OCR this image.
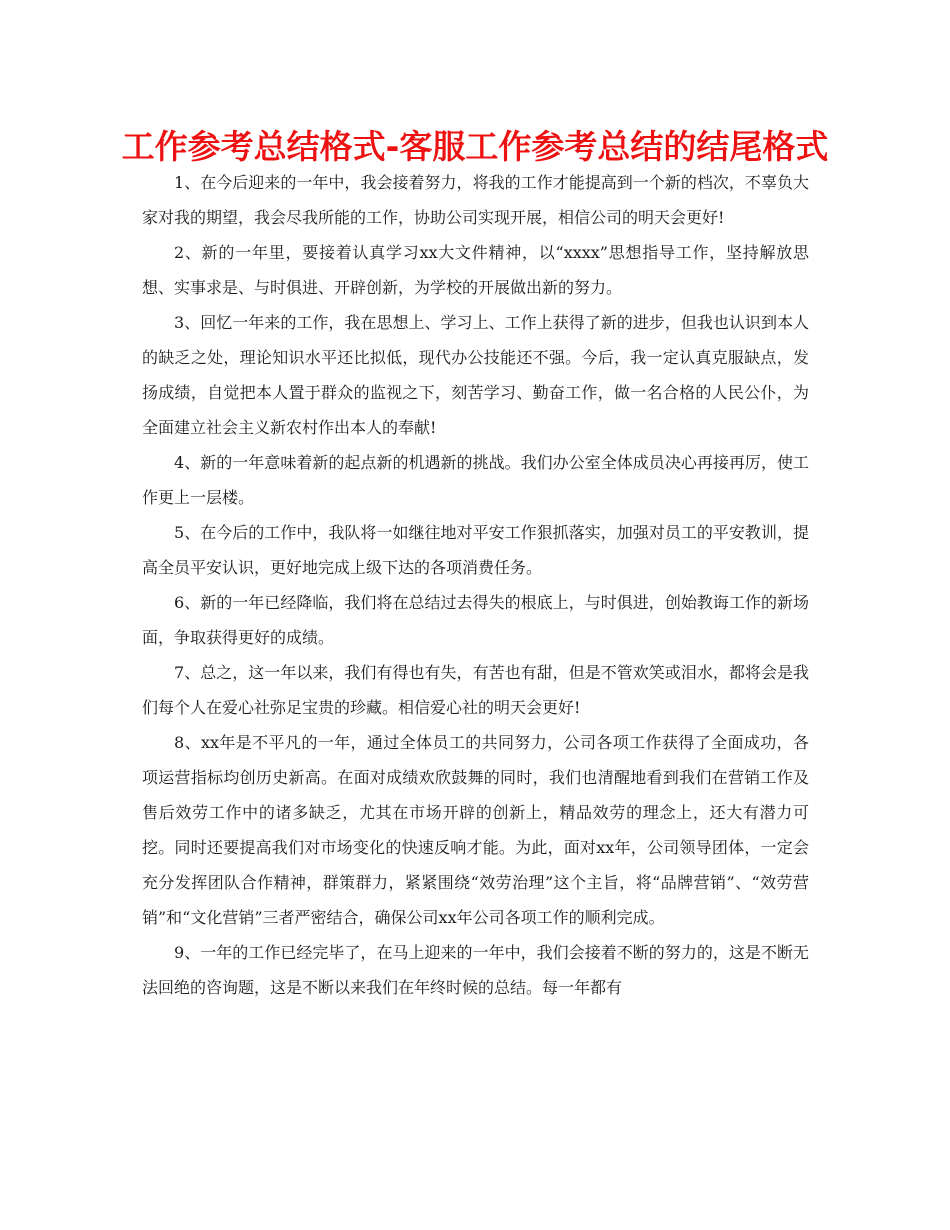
工作参考总结格式-客服工作参考总结的结尾格式

1、在今后迎来的一年中，我会接着努力，将我的工作才能提高到一个新的档次，不辜负大家对我的期望，我会尽我所能的工作，协助公司实现开展，相信公司的明天会更好!

2、新的一年里，要接着认真学习xx大文件精神，以“xxxx”思想指导工作，坚持解放思想、实事求是、与时俱进、开辟创新，为学校的开展做出新的努力。

3、回忆一年来的工作，我在思想上、学习上、工作上获得了新的进步，但我也认识到本人的缺乏之处，理论知识水平还比拟低，现代办公技能还不强。今后，我一定认真克服缺点，发扬成绩，自觉把本人置于群众的监视之下，刻苦学习、勤奋工作，做一名合格的人民公仆，为全面建立社会主义新农村作出本人的奉献!

4、新的一年意味着新的起点新的机遇新的挑战。我们办公室全体成员决心再接再厉，使工作更上一层楼。

5、在今后的工作中，我队将一如继往地对平安工作狠抓落实，加强对员工的平安教训，提高全员平安认识，更好地完成上级下达的各项消费任务。

6、新的一年已经降临，我们将在总结过去得失的根底上，与时俱进，创始教诲工作的新场面，争取获得更好的成绩。

7、总之，这一年以来，我们有得也有失，有苦也有甜，但是不管欢笑或泪水，都将会是我们每个人在爱心社弥足宝贵的珍藏。相信爱心社的明天会更好!

8、xx年是不平凡的一年，通过全体员工的共同努力，公司各项工作获得了全面成功，各项运营指标均创历史新高。在面对成绩欢欣鼓舞的同时，我们也清醒地看到我们在营销工作及售后效劳工作中的诸多缺乏，尤其在市场开辟的创新上，精品效劳的理念上，还大有潜力可挖。同时还要提高我们对市场变化的快速反响才能。为此，面对xx年，公司领导团体，一定会充分发挥团队合作精神，群策群力，紧紧围绕“效劳治理”这个主旨，将“品牌营销”、“效劳营销”和“文化营销”三者严密结合，确保公司xx年公司各项工作的顺利完成。

9、一年的工作已经完毕了，在马上迎来的一年中，我们会接着不断的努力的，这是不断无法回绝的咨询题，这是不断以来我们在年终时候的总结。每一年都有
